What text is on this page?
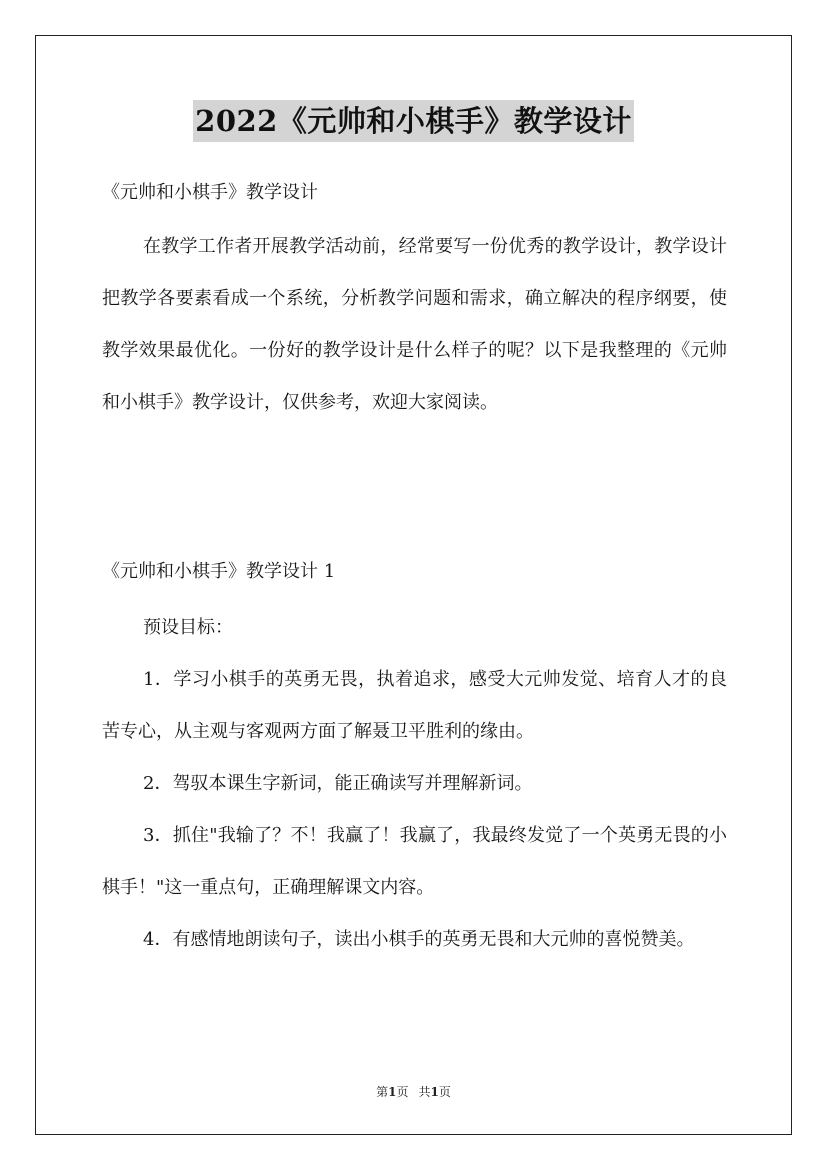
2022《元帅和小棋手》教学设计
《元帅和小棋手》教学设计
在教学工作者开展教学活动前，经常要写一份优秀的教学设计，教学设计把教学各要素看成一个系统，分析教学问题和需求，确立解决的程序纲要，使教学效果最优化。一份好的教学设计是什么样子的呢？以下是我整理的《元帅和小棋手》教学设计，仅供参考，欢迎大家阅读。
《元帅和小棋手》教学设计 1
预设目标：
1．学习小棋手的英勇无畏，执着追求，感受大元帅发觉、培育人才的良苦专心，从主观与客观两方面了解聂卫平胜利的缘由。
2．驾驭本课生字新词，能正确读写并理解新词。
3．抓住"我输了？不！我赢了！我赢了，我最终发觉了一个英勇无畏的小棋手！"这一重点句，正确理解课文内容。
4．有感情地朗读句子，读出小棋手的英勇无畏和大元帅的喜悦赞美。
第1页 共1页
